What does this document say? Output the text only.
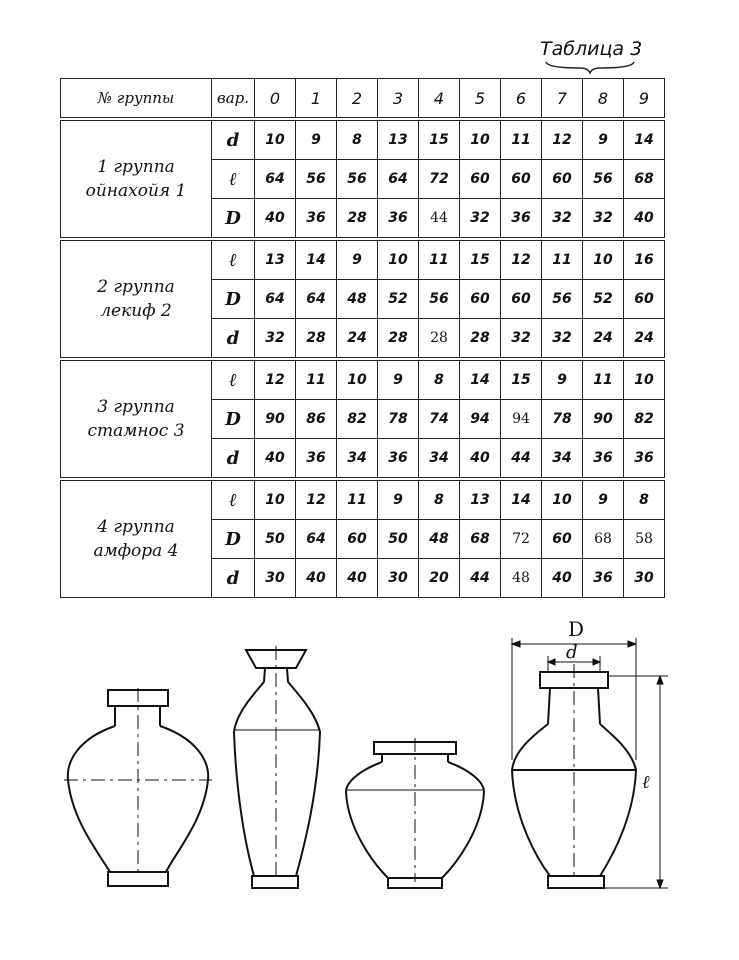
Таблица 3
№ группы	вар.	0	1	2	3	4	5	6	7	8	9

1 группа
ойнахойя 1	d	10	9	8	13	15	10	11	12	9	14
	ℓ	64	56	56	64	72	60	60	60	56	68
	D	40	36	28	36	44	32	36	32	32	40

2 группа
лекиф 2	ℓ	13	14	9	10	11	15	12	11	10	16
	D	64	64	48	52	56	60	60	56	52	60
	d	32	28	24	28	28	28	32	32	24	24

3 группа
стамнос 3	ℓ	12	11	10	9	8	14	15	9	11	10
	D	90	86	82	78	74	94	94	78	90	82
	d	40	36	34	36	34	40	44	34	36	36

4 группа
амфора 4	ℓ	10	12	11	9	8	13	14	10	9	8
	D	50	64	60	50	48	68	72	60	68	58
	d	30	40	40	30	20	44	48	40	36	30
D
d
ℓ
